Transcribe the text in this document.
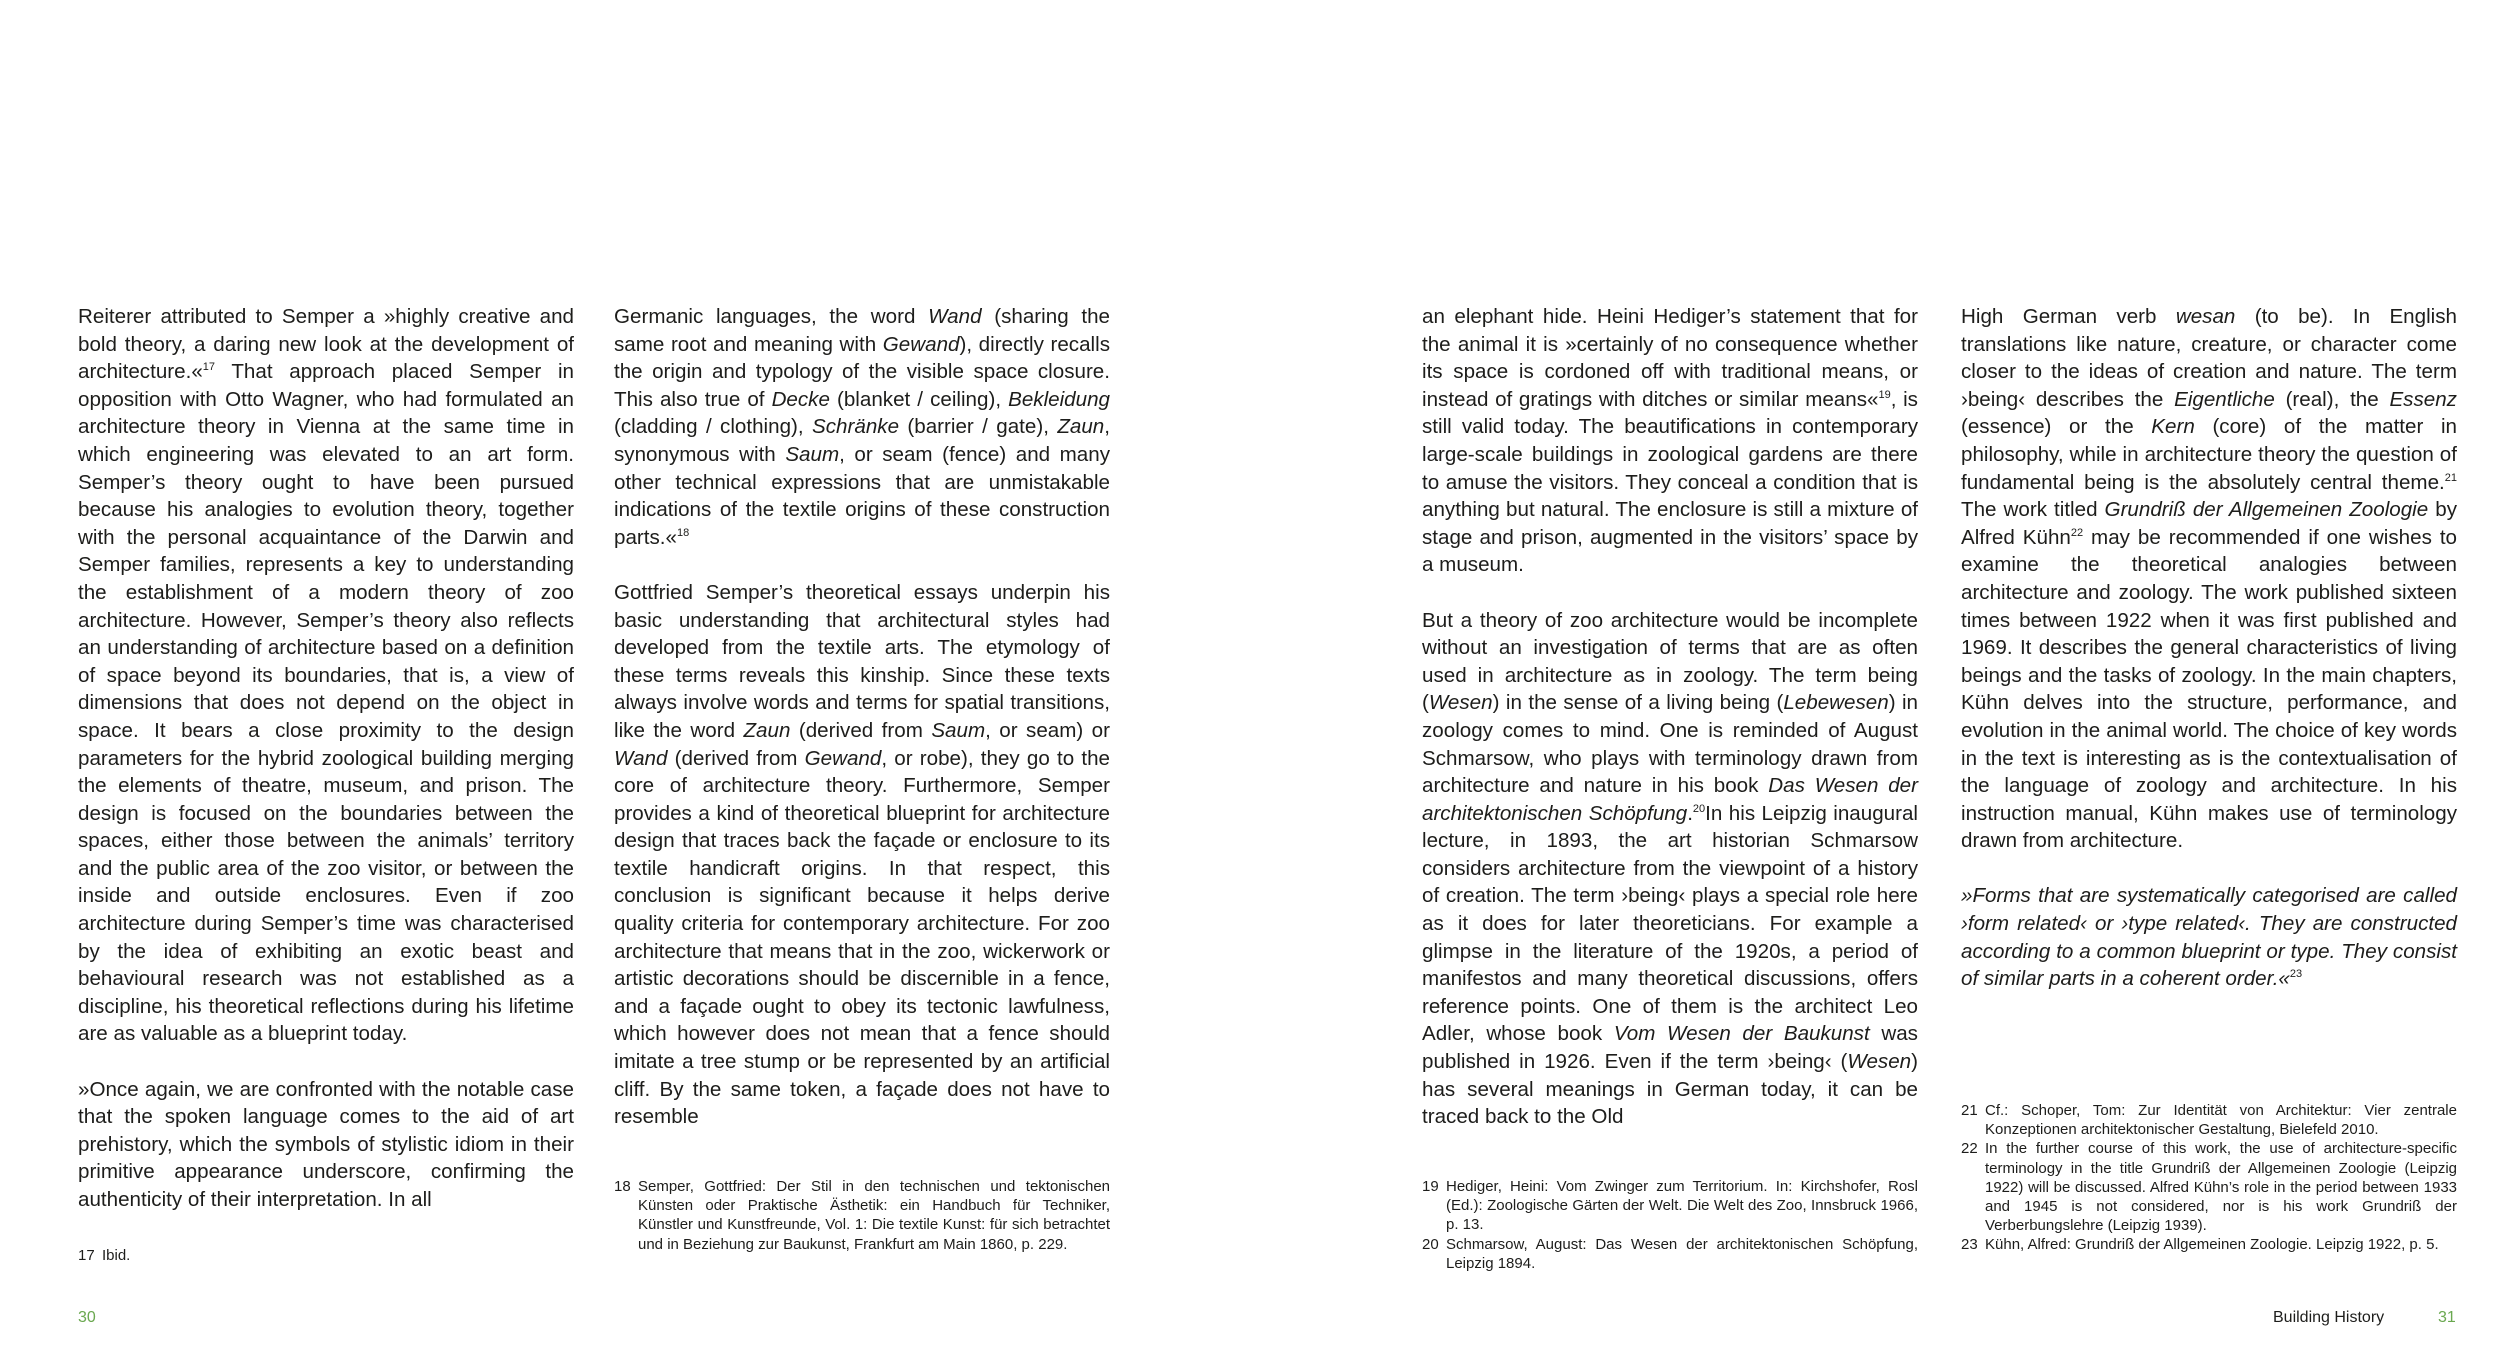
Reiterer attributed to Semper a »highly creative and bold theory, a daring new look at the development of architecture.«$^{17}$ That approach placed Semper in opposition with Otto Wagner, who had formulated an architecture theory in Vienna at the same time in which engineering was elevated to an art form. Semper’s theory ought to have been pursued because his analogies to evolution theory, together with the personal acquaintance of the Darwin and Semper families, represents a key to understanding the establishment of a modern theory of zoo architecture. However, Semper’s theory also reflects an understanding of architecture based on a definition of space beyond its boundaries, that is, a view of dimensions that does not depend on the object in space. It bears a close proximity to the design parameters for the hybrid zoological building merging the elements of theatre, museum, and prison. The design is focused on the boundaries between the spaces, either those between the animals’ territory and the public area of the zoo visitor, or between the inside and outside enclosures. Even if zoo architecture during Semper’s time was characterised by the idea of exhibiting an exotic beast and behavioural research was not established as a discipline, his theoretical reflections during his lifetime are as valuable as a blueprint today.

»Once again, we are confronted with the notable case that the spoken language comes to the aid of art prehistory, which the symbols of stylistic idiom in their primitive appearance underscore, confirming the authenticity of their interpretation. In all

17 Ibid.

Germanic languages, the word Wand (sharing the same root and meaning with Gewand), directly recalls the origin and typology of the visible space closure. This also true of Decke (blanket / ceiling), Bekleidung (cladding / clothing), Schränke (barrier / gate), Zaun, synonymous with Saum, or seam (fence) and many other technical expressions that are unmistakable indications of the textile origins of these construction parts.«$^{18}$

Gottfried Semper’s theoretical essays underpin his basic understanding that architectural styles had developed from the textile arts. The etymology of these terms reveals this kinship. Since these texts always involve words and terms for spatial transitions, like the word Zaun (derived from Saum, or seam) or Wand (derived from Gewand, or robe), they go to the core of architecture theory. Furthermore, Semper provides a kind of theoretical blueprint for architecture design that traces back the façade or enclosure to its textile handicraft origins. In that respect, this conclusion is significant because it helps derive quality criteria for contemporary architecture. For zoo architecture that means that in the zoo, wickerwork or artistic decorations should be discernible in a fence, and a façade ought to obey its tectonic lawfulness, which however does not mean that a fence should imitate a tree stump or be represented by an artificial cliff. By the same token, a façade does not have to resemble

18 Semper, Gottfried: Der Stil in den technischen und tektonischen Künsten oder Praktische Ästhetik: ein Handbuch für Techniker, Künstler und Kunstfreunde, Vol. 1: Die textile Kunst: für sich betrachtet und in Beziehung zur Baukunst, Frankfurt am Main 1860, p. 229.
30

an elephant hide. Heini Hediger’s statement that for the animal it is »certainly of no consequence whether its space is cordoned off with traditional means, or instead of gratings with ditches or similar means«$^{19}$, is still valid today. The beautifications in contemporary large-scale buildings in zoological gardens are there to amuse the visitors. They conceal a condition that is anything but natural. The enclosure is still a mixture of stage and prison, augmented in the visitors’ space by a museum.

But a theory of zoo architecture would be incomplete without an investigation of terms that are as often used in architecture as in zoology. The term being (Wesen) in the sense of a living being (Lebewesen) in zoology comes to mind. One is reminded of August Schmarsow, who plays with terminology drawn from architecture and nature in his book Das Wesen der architektonischen Schöpfung.$^{20}$In his Leipzig inaugural lecture, in 1893, the art historian Schmarsow considers architecture from the viewpoint of a history of creation. The term ›being‹ plays a special role here as it does for later theoreticians. For example a glimpse in the literature of the 1920s, a period of manifestos and many theoretical discussions, offers reference points. One of them is the architect Leo Adler, whose book Vom Wesen der Baukunst was published in 1926. Even if the term ›being‹ (Wesen) has several meanings in German today, it can be traced back to the Old

19 Hediger, Heini: Vom Zwinger zum Territorium. In: Kirchshofer, Rosl (Ed.): Zoologische Gärten der Welt. Die Welt des Zoo, Innsbruck 1966, p. 13.
20 Schmarsow, August: Das Wesen der architektonischen Schöpfung, Leipzig 1894.

High German verb wesan (to be). In English translations like nature, creature, or character come closer to the ideas of creation and nature. The term ›being‹ describes the Eigentliche (real), the Essenz (essence) or the Kern (core) of the matter in philosophy, while in architecture theory the question of fundamental being is the absolutely central theme.$^{21}$ The work titled Grundriß der Allgemeinen Zoologie by Alfred Kühn$^{22}$ may be recommended if one wishes to examine the theoretical analogies between architecture and zoology. The work published sixteen times between 1922 when it was first published and 1969. It describes the general characteristics of living beings and the tasks of zoology. In the main chapters, Kühn delves into the structure, performance, and evolution in the animal world. The choice of key words in the text is interesting as is the contextualisation of the language of zoology and architecture. In his instruction manual, Kühn makes use of terminology drawn from architecture.

»Forms that are systematically categorised are called ›form related‹ or ›type related‹. They are constructed according to a common blueprint or type. They consist of similar parts in a coherent order.«$^{23}$

21 Cf.: Schoper, Tom: Zur Identität von Architektur: Vier zentrale Konzeptionen architektonischer Gestaltung, Bielefeld 2010.
22 In the further course of this work, the use of architecture-specific terminology in the title Grundriß der Allgemeinen Zoologie (Leipzig 1922) will be discussed. Alfred Kühn’s role in the period between 1933 and 1945 is not considered, nor is his work Grundriß der Verberbungslehre (Leipzig 1939).
23 Kühn, Alfred: Grundriß der Allgemeinen Zoologie. Leipzig 1922, p. 5.
Building History	31
